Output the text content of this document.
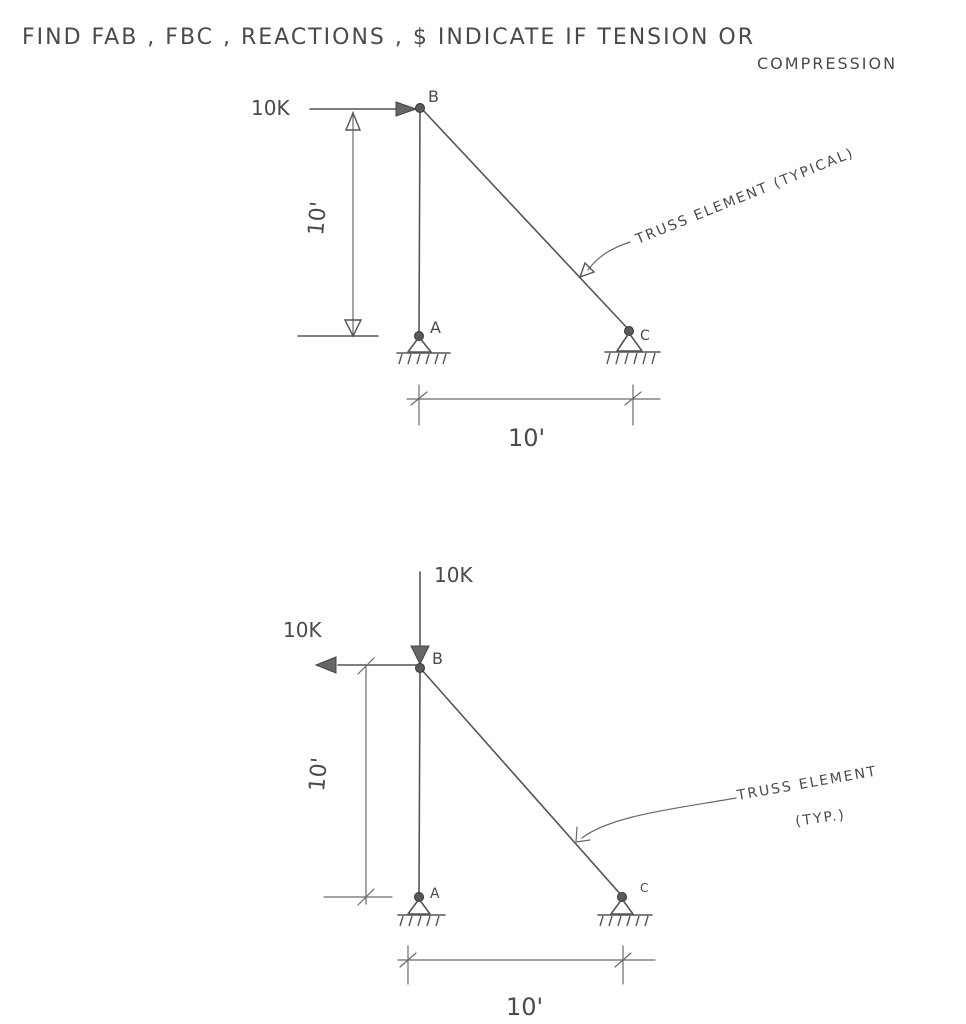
FIND FAB , FBC , REACTIONS , $ INDICATE IF TENSION OR
COMPRESSION
10K	B
A	C
10'
10'
TRUSS ELEMENT (TYPICAL)
10K
10K
B
A	C
10'
10'
TRUSS ELEMENT
(TYP.)
